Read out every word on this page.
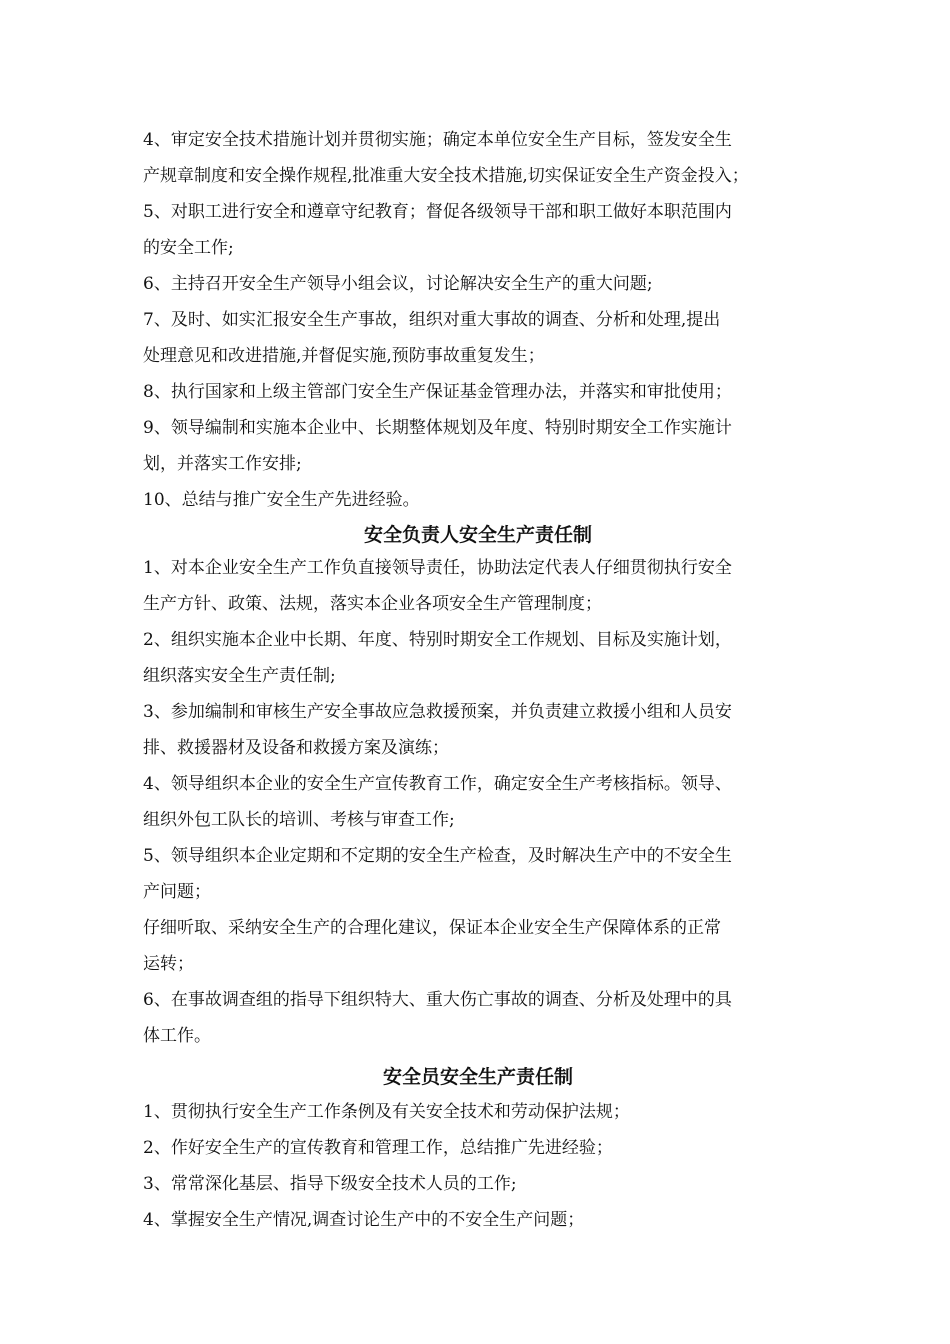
4、审定安全技术措施计划并贯彻实施；确定本单位安全生产目标，签发安全生
产规章制度和安全操作规程,批准重大安全技术措施,切实保证安全生产资金投入；
5、对职工进行安全和遵章守纪教育；督促各级领导干部和职工做好本职范围内
的安全工作;
6、主持召开安全生产领导小组会议，讨论解决安全生产的重大问题;
7、及时、如实汇报安全生产事故，组织对重大事故的调查、分析和处理,提出
处理意见和改进措施,并督促实施,预防事故重复发生；
8、执行国家和上级主管部门安全生产保证基金管理办法，并落实和审批使用；
9、领导编制和实施本企业中、长期整体规划及年度、特别时期安全工作实施计
划，并落实工作安排;
10、总结与推广安全生产先进经验。
安全负责人安全生产责任制
1、对本企业安全生产工作负直接领导责任，协助法定代表人仔细贯彻执行安全
生产方针、政策、法规，落实本企业各项安全生产管理制度；
2、组织实施本企业中长期、年度、特别时期安全工作规划、目标及实施计划，
组织落实安全生产责任制;
3、参加编制和审核生产安全事故应急救援预案，并负责建立救援小组和人员安
排、救援器材及设备和救援方案及演练；
4、领导组织本企业的安全生产宣传教育工作，确定安全生产考核指标。领导、
组织外包工队长的培训、考核与审查工作;
5、领导组织本企业定期和不定期的安全生产检查，及时解决生产中的不安全生
产问题；
仔细听取、采纳安全生产的合理化建议，保证本企业安全生产保障体系的正常
运转；
6、在事故调查组的指导下组织特大、重大伤亡事故的调查、分析及处理中的具
体工作。
安全员安全生产责任制
1、贯彻执行安全生产工作条例及有关安全技术和劳动保护法规；
2、作好安全生产的宣传教育和管理工作，总结推广先进经验；
3、常常深化基层、指导下级安全技术人员的工作;
4、掌握安全生产情况,调查讨论生产中的不安全生产问题；
